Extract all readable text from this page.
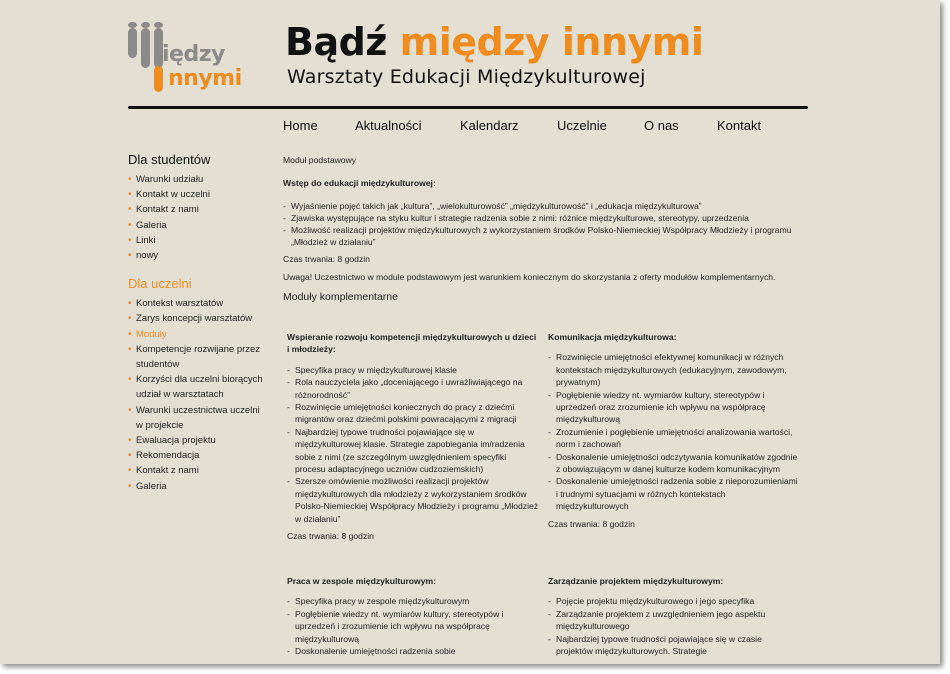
iędzy
nnymi
Bądź między innymi
Warsztaty Edukacji Międzykulturowej
Home	Aktualności	Kalendarz	Uczelnie	O nas	Kontakt
Dla studentów
• Warunki udziału
• Kontakt w uczelni
• Kontakt z nami
• Galeria
• Linki
• nowy
Dla uczelni
• Kontekst warsztatów
• Zarys koncepcji warsztatów
• Moduły
• Kompetencje rozwijane przez studentów
• Korzyści dla uczelni biorących udział w warsztatach
• Warunki uczestnictwa uczelni w projekcie
• Ewaluacja projektu
• Rekomendacja
• Kontakt z nami
• Galeria

Moduł podstawowy

Wstęp do edukacji międzykulturowej:

- Wyjaśnienie pojęć takich jak „kultura”, „wielokulturowość” „międzykulturowość” i „edukacja międzykulturowa”
- Zjawiska występujące na styku kultur i strategie radzenia sobie z nimi: różnice międzykulturowe, stereotypy, uprzedzenia
- Możliwość realizacji projektów międzykulturowych z wykorzystaniem środków Polsko-Niemieckiej Współpracy Młodzieży i programu „Młodzież w działaniu”

Czas trwania: 8 godzin

Uwaga! Uczestnictwo w module podstawowym jest warunkiem koniecznym do skorzystania z oferty modułów komplementarnych.

Moduły komplementarne

Wspieranie rozwoju kompetencji międzykulturowych u dzieci i młodzieży:

- Specyfika pracy w międzykulturowej klasie
- Rola nauczyciela jako „doceniającego i uwrażliwiającego na różnorodność”
- Rozwinięcie umiejętności koniecznych do pracy z dziećmi migrantów oraz dziećmi polskimi powracającymi z migracji
- Najbardziej typowe trudności pojawiające się w międzykulturowej klasie. Strategie zapobiegania im/radzenia sobie z nimi (ze szczególnym uwzględnieniem specyfiki procesu adaptacyjnego uczniów cudzoziemskich)
- Szersze omówienie możliwości realizacji projektów międzykulturowych dla młodzieży z wykorzystaniem środków Polsko-Niemieckiej Współpracy Młodzieży i programu „Młodzież w działaniu”

Czas trwania: 8 godzin

Komunikacja międzykulturowa:

- Rozwinięcie umiejętności efektywnej komunikacji w różnych kontekstach międzykulturowych (edukacyjnym, zawodowym, prywatnym)
- Pogłębienie wiedzy nt. wymiarów kultury, stereotypów i uprzedzeń oraz zrozumienie ich wpływu na współpracę międzykulturową
- Zrozumienie i pogłębienie umiejętności analizowania wartości, norm i zachowań
- Doskonalenie umiejętności odczytywania komunikatów zgodnie z obowiązującym w danej kulturze kodem komunikacyjnym
- Doskonalenie umiejętności radzenia sobie z nieporozumieniami i trudnymi sytuacjami w różnych kontekstach międzykulturowych

Czas trwania: 8 godzin

Praca w zespole międzykulturowym:

- Specyfika pracy w zespole międzykulturowym
- Pogłębienie wiedzy nt. wymiarów kultury, stereotypów i uprzedzeń i zrozumienie ich wpływu na współpracę międzykulturową
- Doskonalenie umiejętności radzenia sobie

Zarządzanie projektem międzykulturowym:

- Pojęcie projektu międzykulturowego i jego specyfika
- Zarządzanie projektem z uwzględnieniem jego aspektu międzykulturowego
- Najbardziej typowe trudności pojawiające się w czasie projektów międzykulturowych. Strategie
